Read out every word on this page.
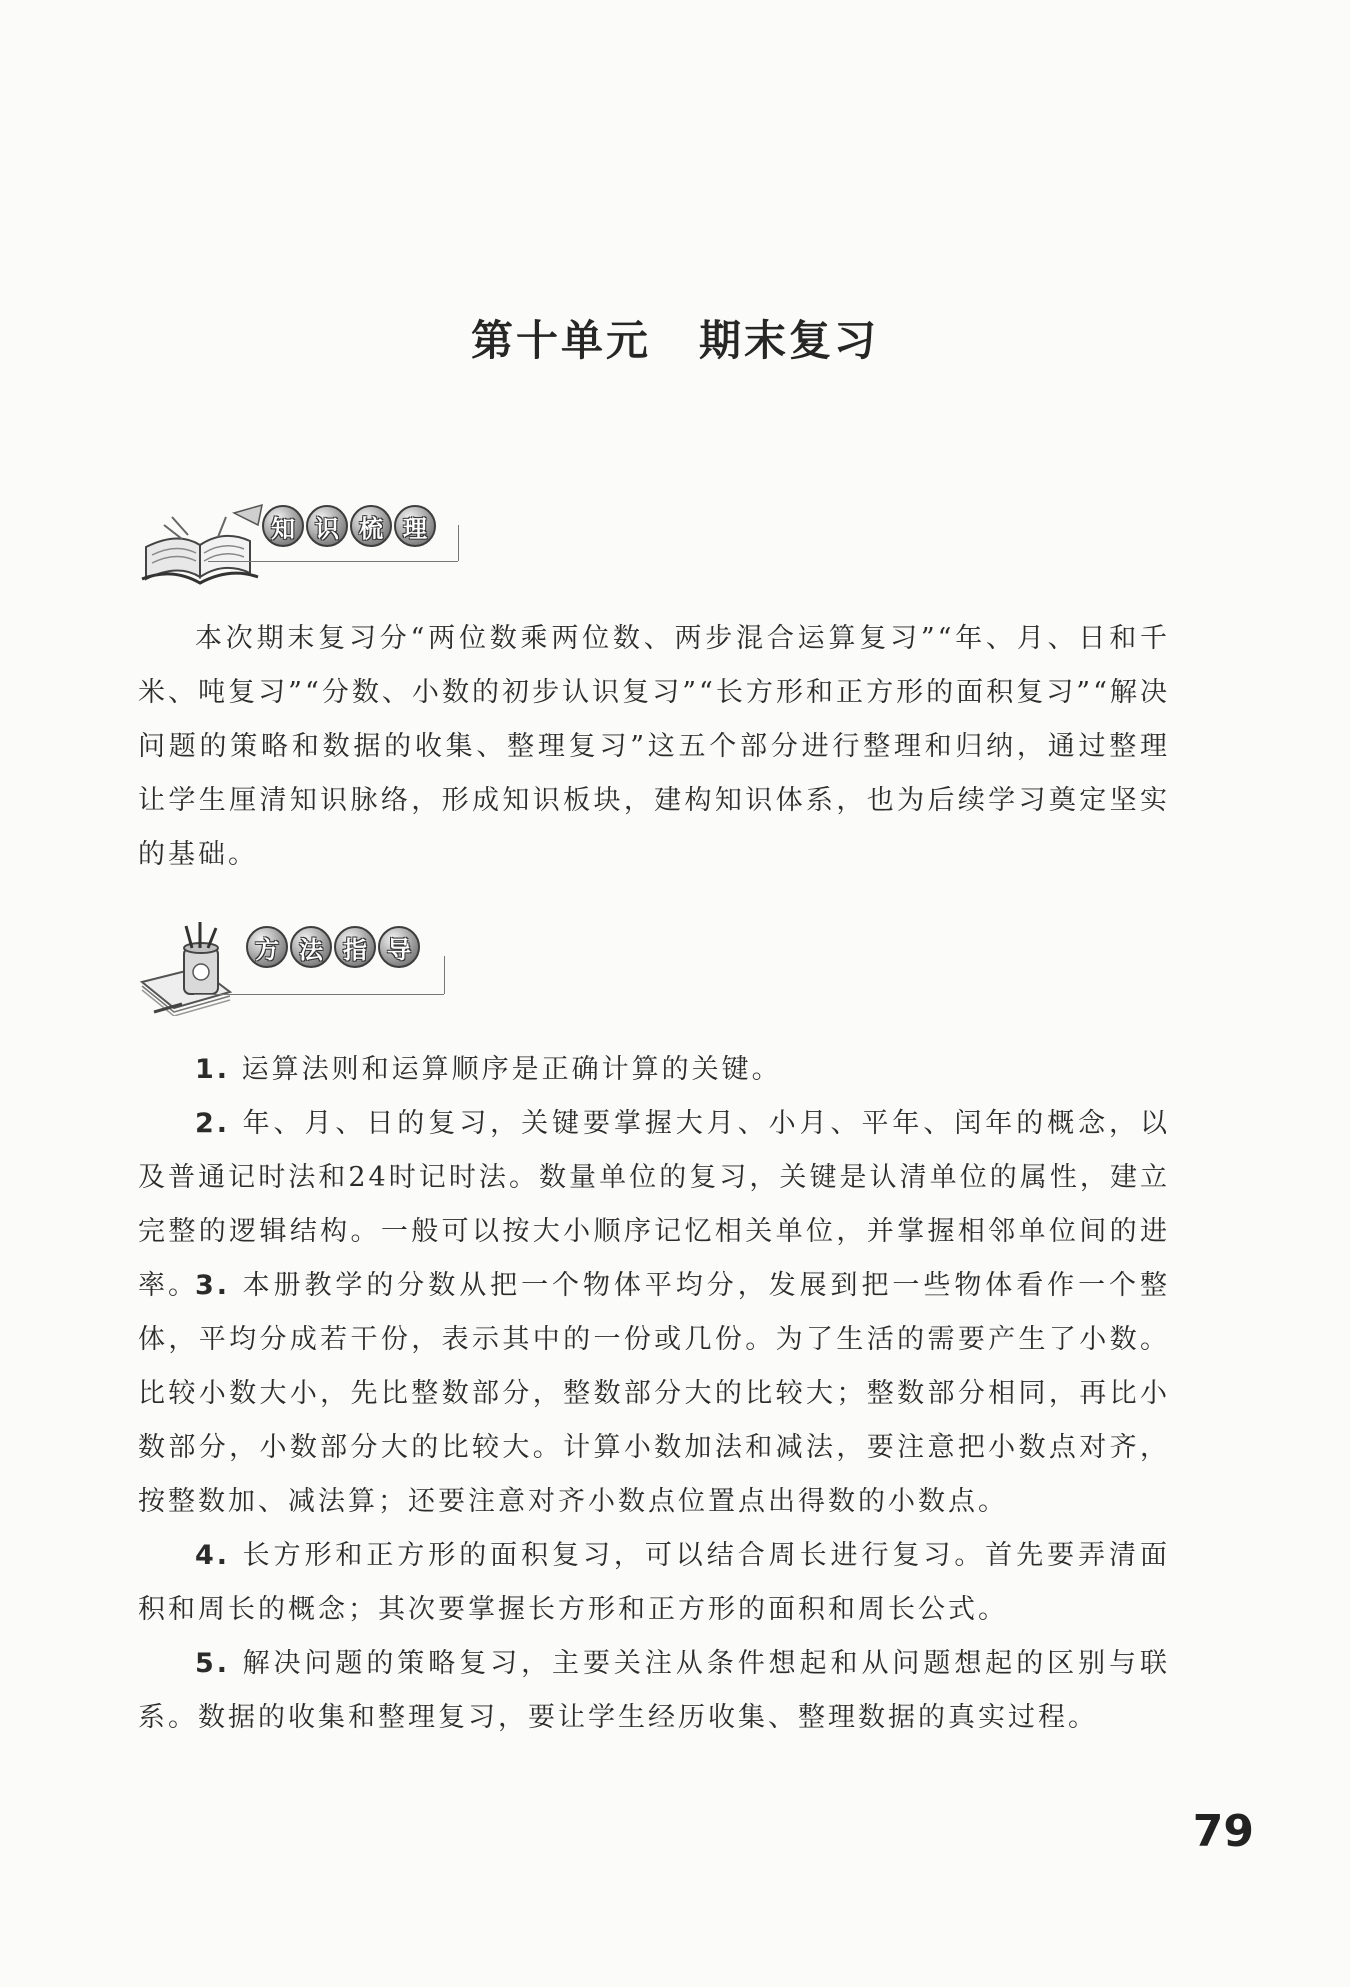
第十单元 期末复习
知 识 梳 理

本次期末复习分“两位数乘两位数、两步混合运算复习”“年、月、日和千米、吨复习”“分数、小数的初步认识复习”“长方形和正方形的面积复习”“解决问题的策略和数据的收集、整理复习”这五个部分进行整理和归纳，通过整理让学生厘清知识脉络，形成知识板块，建构知识体系，也为后续学习奠定坚实的基础。

方 法 指 导

1. 运算法则和运算顺序是正确计算的关键。

2. 年、月、日的复习，关键要掌握大月、小月、平年、闰年的概念，以及普通记时法和24时记时法。数量单位的复习，关键是认清单位的属性，建立完整的逻辑结构。一般可以按大小顺序记忆相关单位，并掌握相邻单位间的进率。

3. 本册教学的分数从把一个物体平均分，发展到把一些物体看作一个整体，平均分成若干份，表示其中的一份或几份。为了生活的需要产生了小数。比较小数大小，先比整数部分，整数部分大的比较大；整数部分相同，再比小数部分，小数部分大的比较大。计算小数加法和减法，要注意把小数点对齐，按整数加、减法算；还要注意对齐小数点位置点出得数的小数点。

4. 长方形和正方形的面积复习，可以结合周长进行复习。首先要弄清面积和周长的概念；其次要掌握长方形和正方形的面积和周长公式。

5. 解决问题的策略复习，主要关注从条件想起和从问题想起的区别与联系。数据的收集和整理复习，要让学生经历收集、整理数据的真实过程。

79
